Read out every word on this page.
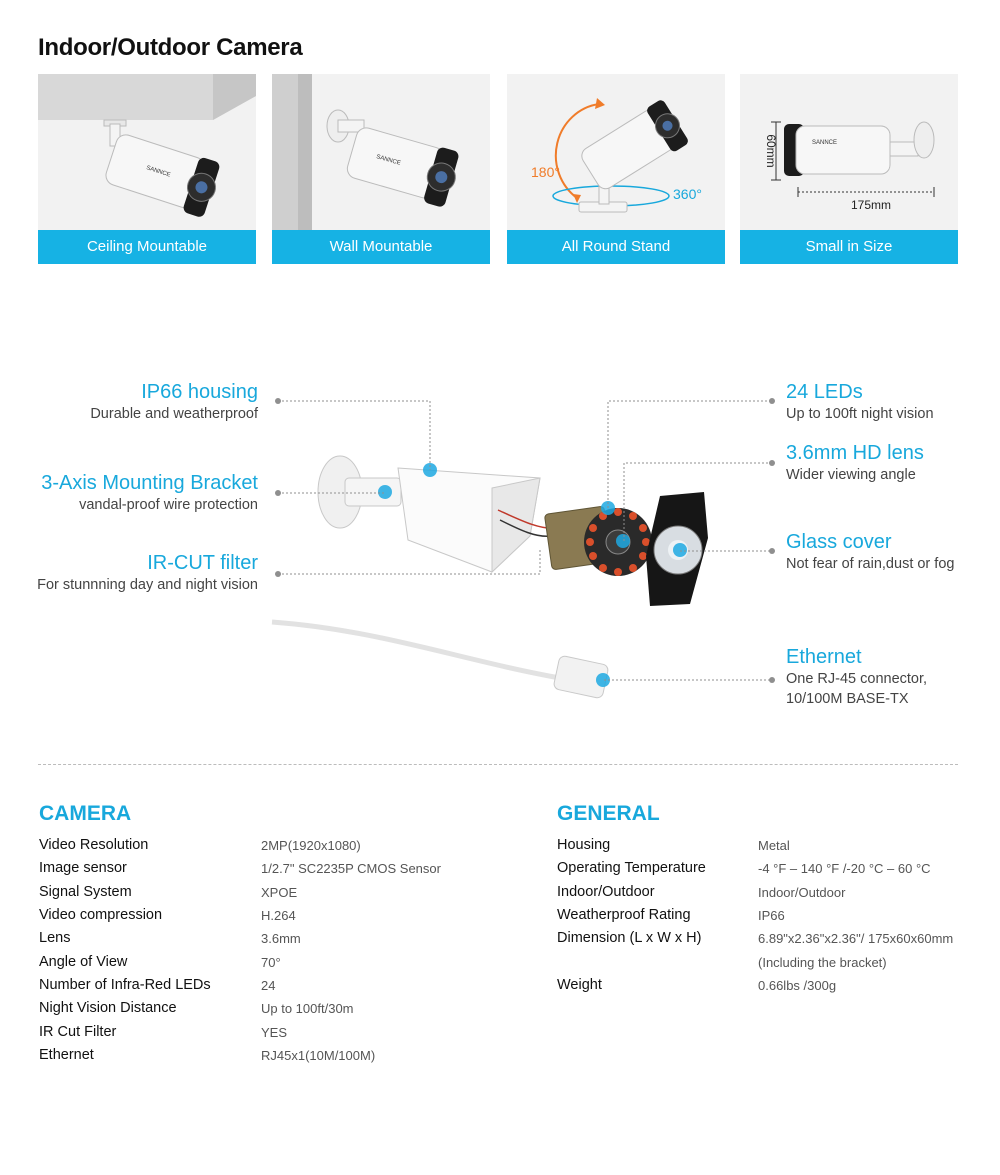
Indoor/Outdoor Camera
SANNCE
Ceiling Mountable
SANNCE
Wall Mountable
180°
360°
All Round Stand
60mm	SANNCE
175mm
Small in Size
IP66 housing
Durable and weatherproof
3-Axis Mounting Bracket
vandal-proof wire protection
IR-CUT filter
For stunnning day and night vision
24 LEDs
Up to 100ft night vision
3.6mm HD lens
Wider viewing angle
Glass cover
Not fear of rain,dust or fog
Ethernet
One RJ-45 connector,
10/100M BASE-TX
CAMERA	GENERAL
Video Resolution	2MP(1920x1080)
Image sensor	1/2.7" SC2235P CMOS Sensor
Signal System	XPOE
Video compression	H.264
Lens	3.6mm
Angle of View	70°
Number of Infra-Red LEDs	24
Night Vision Distance	Up to 100ft/30m
IR Cut Filter	YES
Ethernet	RJ45x1(10M/100M)
Housing	Metal
Operating Temperature	-4 °F – 140 °F /-20 °C – 60 °C
Indoor/Outdoor	Indoor/Outdoor
Weatherproof Rating	IP66
Dimension (L x W x H)	6.89"x2.36"x2.36"/ 175x60x60mm
(Including the bracket)
Weight	0.66lbs /300g
